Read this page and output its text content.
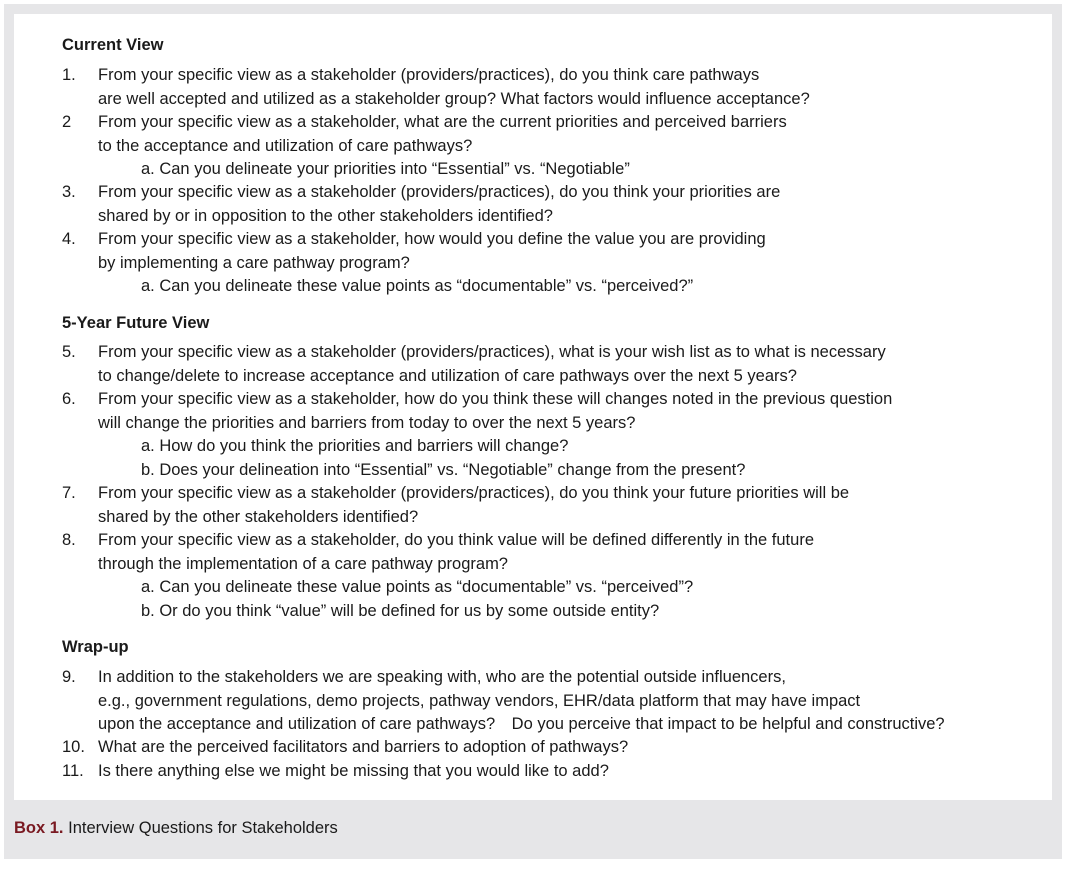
Current View
1. From your specific view as a stakeholder (providers/practices), do you think care pathways
are well accepted and utilized as a stakeholder group? What factors would influence acceptance?
2 From your specific view as a stakeholder, what are the current priorities and perceived barriers
to the acceptance and utilization of care pathways?
a. Can you delineate your priorities into “Essential” vs. “Negotiable”
3. From your specific view as a stakeholder (providers/practices), do you think your priorities are
shared by or in opposition to the other stakeholders identified?
4. From your specific view as a stakeholder, how would you define the value you are providing
by implementing a care pathway program?
a. Can you delineate these value points as “documentable” vs. “perceived?”
5-Year Future View
5. From your specific view as a stakeholder (providers/practices), what is your wish list as to what is necessary
to change/delete to increase acceptance and utilization of care pathways over the next 5 years?
6. From your specific view as a stakeholder, how do you think these will changes noted in the previous question
will change the priorities and barriers from today to over the next 5 years?
a. How do you think the priorities and barriers will change?
b. Does your delineation into “Essential” vs. “Negotiable” change from the present?
7. From your specific view as a stakeholder (providers/practices), do you think your future priorities will be
shared by the other stakeholders identified?
8. From your specific view as a stakeholder, do you think value will be defined differently in the future
through the implementation of a care pathway program?
a. Can you delineate these value points as “documentable” vs. “perceived”?
b. Or do you think “value” will be defined for us by some outside entity?
Wrap-up
9. In addition to the stakeholders we are speaking with, who are the potential outside influencers,
e.g., government regulations, demo projects, pathway vendors, EHR/data platform that may have impact
upon the acceptance and utilization of care pathways? Do you perceive that impact to be helpful and constructive?
10. What are the perceived facilitators and barriers to adoption of pathways?
11. Is there anything else we might be missing that you would like to add?
Box 1. Interview Questions for Stakeholders
